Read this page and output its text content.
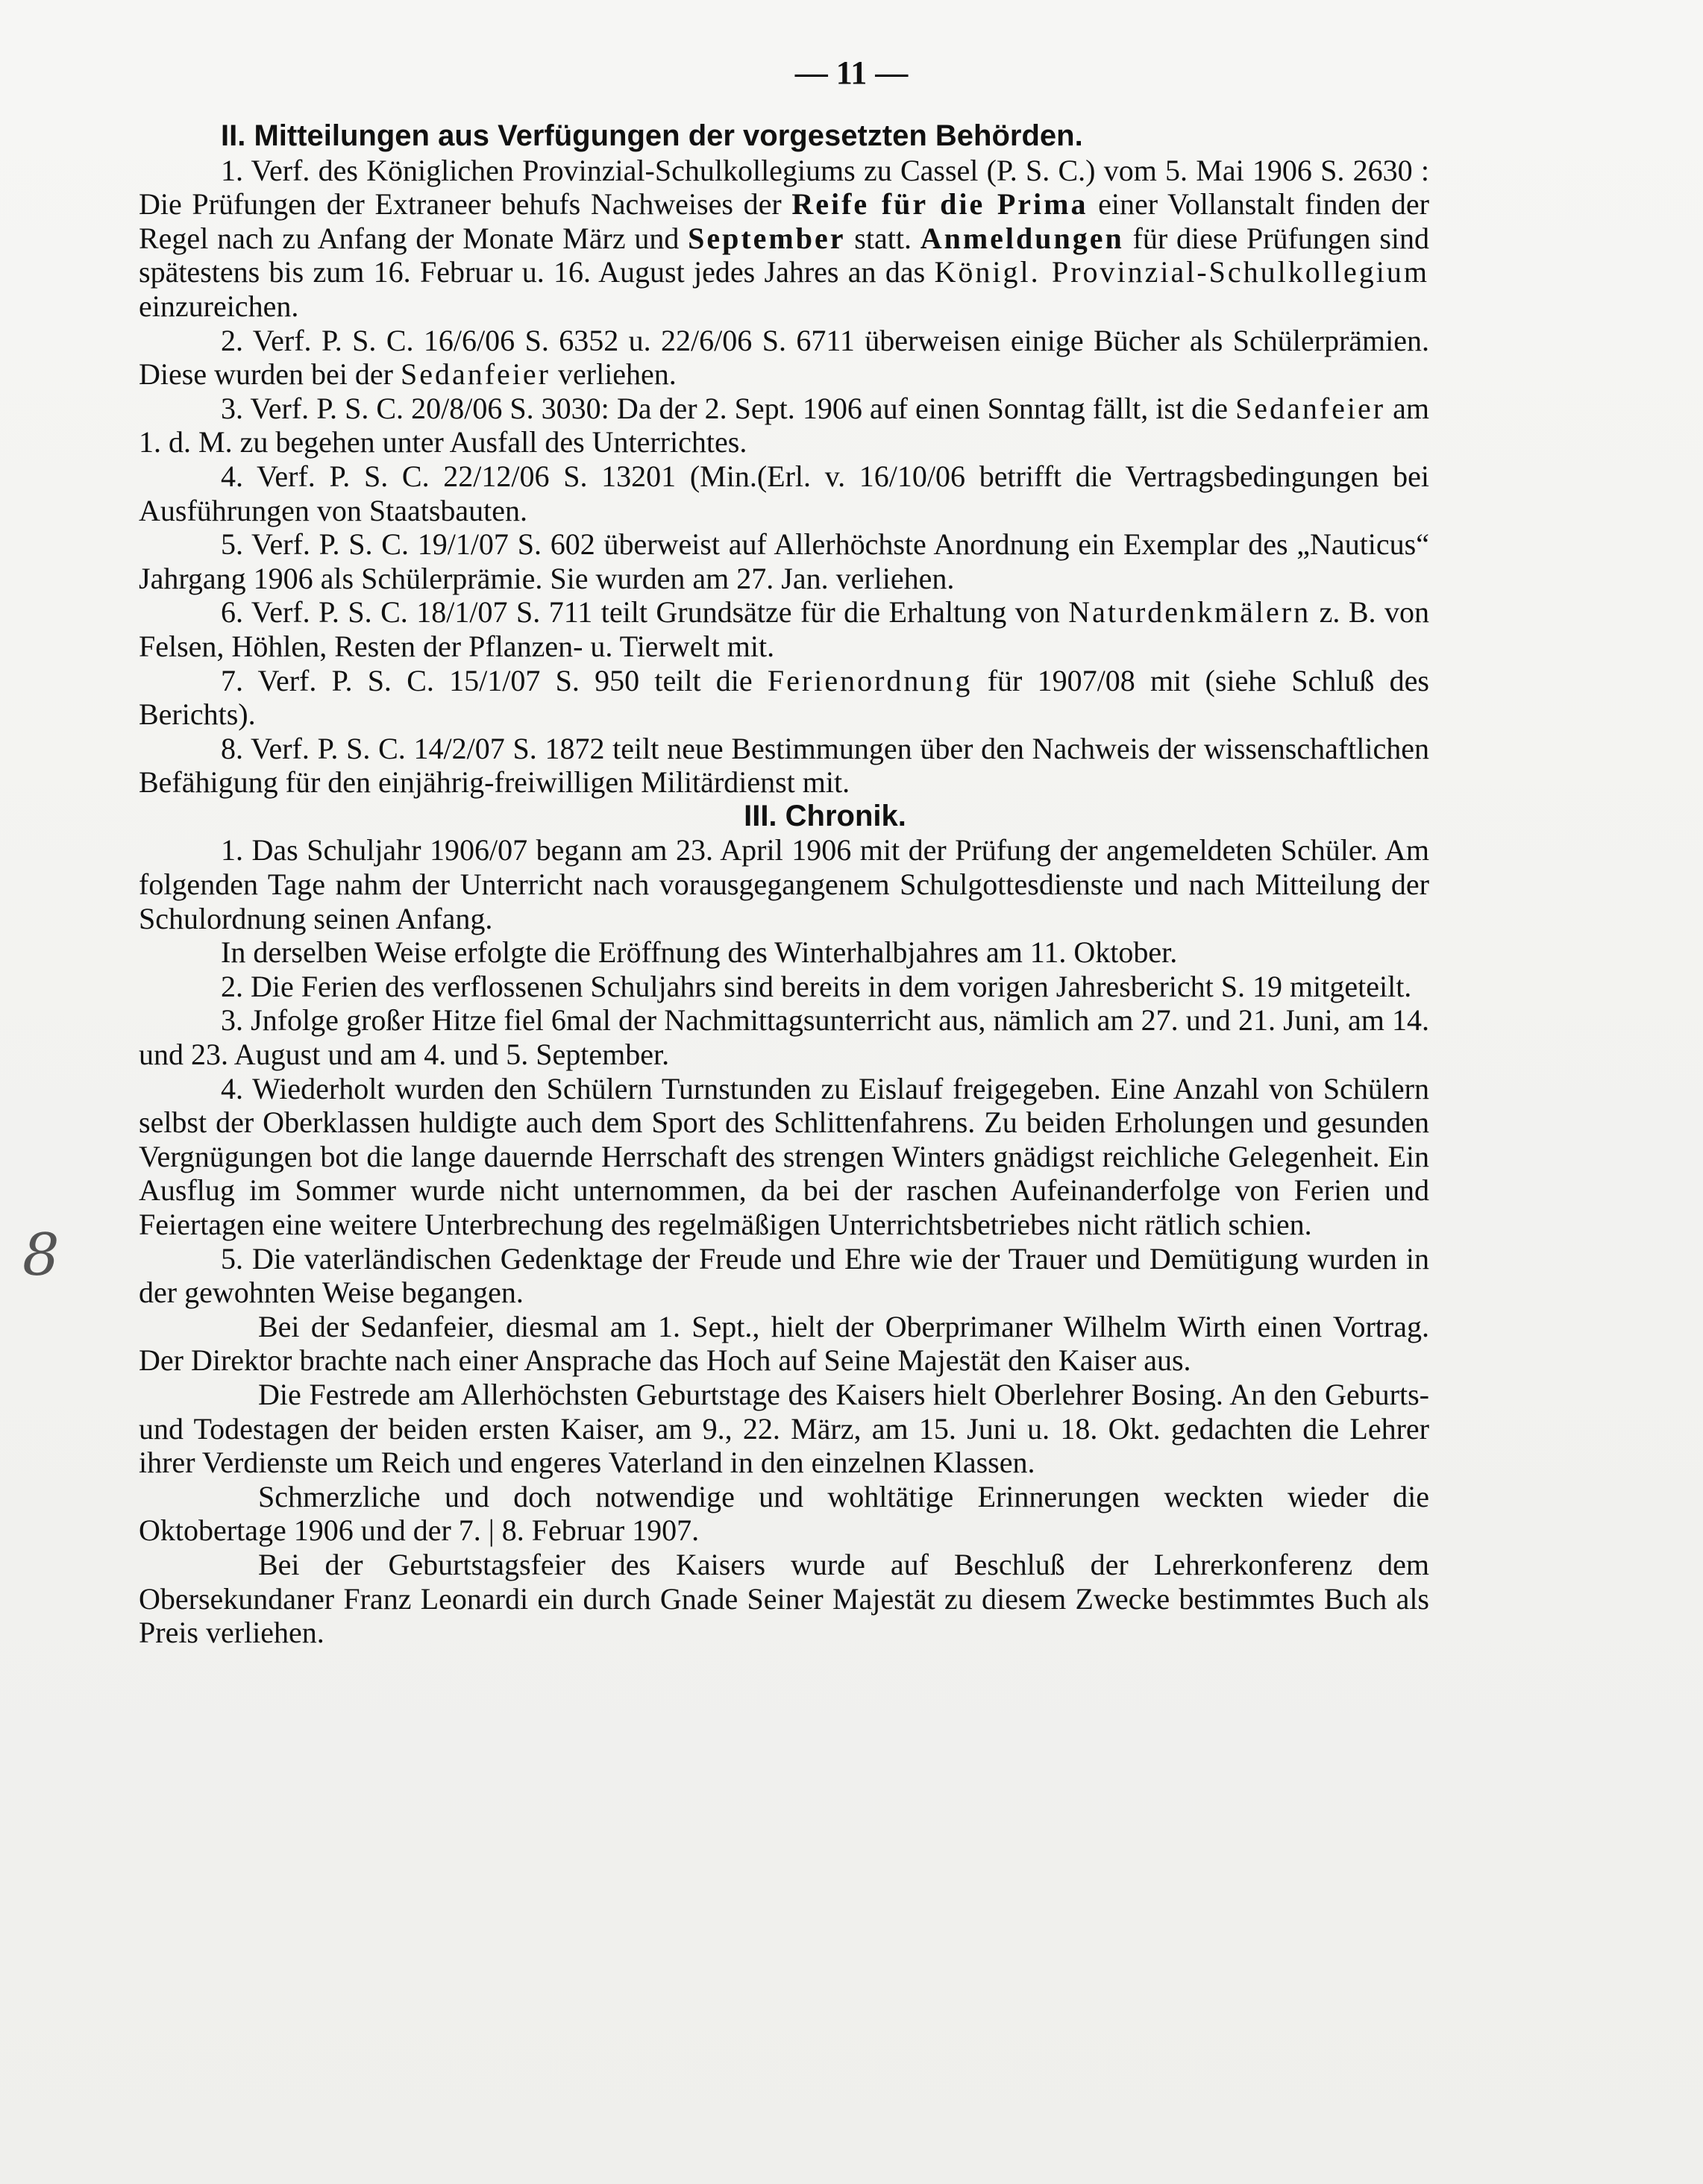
— 11 —
8

II. Mitteilungen aus Verfügungen der vorgesetzten Behörden.

1. Verf. des Königlichen Provinzial-Schulkollegiums zu Cassel (P. S. C.) vom 5. Mai 1906 S. 2630 : Die Prüfungen der Extraneer behufs Nachweises der Reife für die Prima einer Vollanstalt finden der Regel nach zu Anfang der Monate März und September statt. Anmeldungen für diese Prüfungen sind spätestens bis zum 16. Februar u. 16. August jedes Jahres an das Königl. Provinzial-Schulkollegium einzureichen.

2. Verf. P. S. C. 16/6/06 S. 6352 u. 22/6/06 S. 6711 überweisen einige Bücher als Schülerprämien. Diese wurden bei der Sedanfeier verliehen.

3. Verf. P. S. C. 20/8/06 S. 3030: Da der 2. Sept. 1906 auf einen Sonntag fällt, ist die Sedanfeier am 1. d. M. zu begehen unter Ausfall des Unterrichtes.

4. Verf. P. S. C. 22/12/06 S. 13201 (Min.(Erl. v. 16/10/06 betrifft die Vertragsbedingungen bei Ausführungen von Staatsbauten.

5. Verf. P. S. C. 19/1/07 S. 602 überweist auf Allerhöchste Anordnung ein Exemplar des „Nauticus“ Jahrgang 1906 als Schülerprämie. Sie wurden am 27. Jan. verliehen.

6. Verf. P. S. C. 18/1/07 S. 711 teilt Grundsätze für die Erhaltung von Naturdenkmälern z. B. von Felsen, Höhlen, Resten der Pflanzen- u. Tierwelt mit.

7. Verf. P. S. C. 15/1/07 S. 950 teilt die Ferienordnung für 1907/08 mit (siehe Schluß des Berichts).

8. Verf. P. S. C. 14/2/07 S. 1872 teilt neue Bestimmungen über den Nachweis der wissenschaftlichen Befähigung für den einjährig-freiwilligen Militärdienst mit.

III. Chronik.

1. Das Schuljahr 1906/07 begann am 23. April 1906 mit der Prüfung der angemeldeten Schüler. Am folgenden Tage nahm der Unterricht nach vorausgegangenem Schulgottesdienste und nach Mitteilung der Schulordnung seinen Anfang.

In derselben Weise erfolgte die Eröffnung des Winterhalbjahres am 11. Oktober.

2. Die Ferien des verflossenen Schuljahrs sind bereits in dem vorigen Jahresbericht S. 19 mitgeteilt.

3. Jnfolge großer Hitze fiel 6mal der Nachmittagsunterricht aus, nämlich am 27. und 21. Juni, am 14. und 23. August und am 4. und 5. September.

4. Wiederholt wurden den Schülern Turnstunden zu Eislauf freigegeben. Eine Anzahl von Schülern selbst der Oberklassen huldigte auch dem Sport des Schlittenfahrens. Zu beiden Erholungen und gesunden Vergnügungen bot die lange dauernde Herrschaft des strengen Winters gnädigst reichliche Gelegenheit. Ein Ausflug im Sommer wurde nicht unternommen, da bei der raschen Aufeinanderfolge von Ferien und Feiertagen eine weitere Unterbrechung des regelmäßigen Unterrichtsbetriebes nicht rätlich schien.

5. Die vaterländischen Gedenktage der Freude und Ehre wie der Trauer und Demütigung wurden in der gewohnten Weise begangen.

Bei der Sedanfeier, diesmal am 1. Sept., hielt der Oberprimaner Wilhelm Wirth einen Vortrag. Der Direktor brachte nach einer Ansprache das Hoch auf Seine Majestät den Kaiser aus.

Die Festrede am Allerhöchsten Geburtstage des Kaisers hielt Oberlehrer Bosing. An den Geburts- und Todestagen der beiden ersten Kaiser, am 9., 22. März, am 15. Juni u. 18. Okt. gedachten die Lehrer ihrer Verdienste um Reich und engeres Vaterland in den einzelnen Klassen.

Schmerzliche und doch notwendige und wohltätige Erinnerungen weckten wieder die Oktobertage 1906 und der 7. | 8. Februar 1907.

Bei der Geburtstagsfeier des Kaisers wurde auf Beschluß der Lehrerkonferenz dem Obersekundaner Franz Leonardi ein durch Gnade Seiner Majestät zu diesem Zwecke bestimmtes Buch als Preis verliehen.
